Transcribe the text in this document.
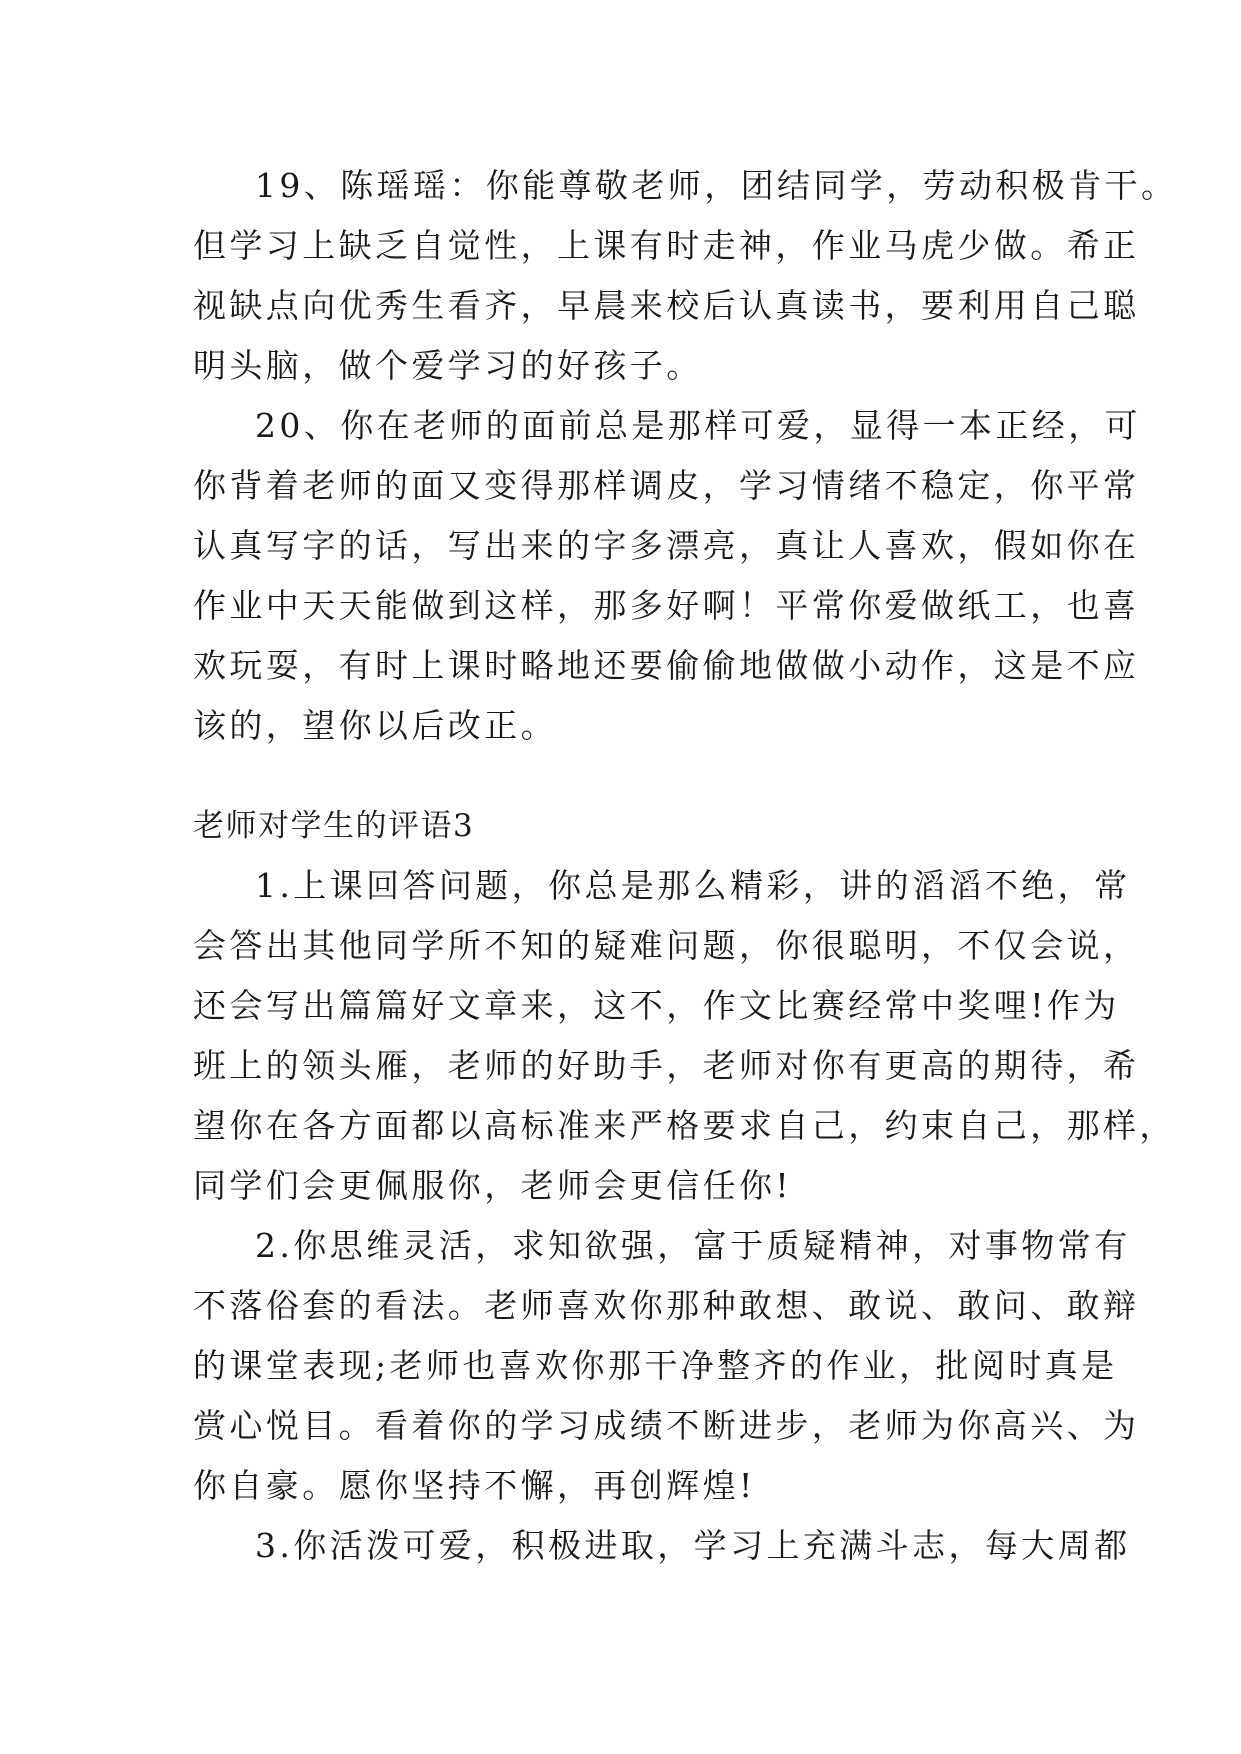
19、陈瑶瑶：你能尊敬老师，团结同学，劳动积极肯干。
但学习上缺乏自觉性，上课有时走神，作业马虎少做。希正
视缺点向优秀生看齐，早晨来校后认真读书，要利用自己聪
明头脑，做个爱学习的好孩子。
20、你在老师的面前总是那样可爱，显得一本正经，可
你背着老师的面又变得那样调皮，学习情绪不稳定，你平常
认真写字的话，写出来的字多漂亮，真让人喜欢，假如你在
作业中天天能做到这样，那多好啊！平常你爱做纸工，也喜
欢玩耍，有时上课时略地还要偷偷地做做小动作，这是不应
该的，望你以后改正。
老师对学生的评语3
1.上课回答问题，你总是那么精彩，讲的滔滔不绝，常
会答出其他同学所不知的疑难问题，你很聪明，不仅会说，
还会写出篇篇好文章来，这不，作文比赛经常中奖哩!作为
班上的领头雁，老师的好助手，老师对你有更高的期待，希
望你在各方面都以高标准来严格要求自己，约束自己，那样，
同学们会更佩服你，老师会更信任你!
2.你思维灵活，求知欲强，富于质疑精神，对事物常有
不落俗套的看法。老师喜欢你那种敢想、敢说、敢问、敢辩
的课堂表现;老师也喜欢你那干净整齐的作业，批阅时真是
赏心悦目。看着你的学习成绩不断进步，老师为你高兴、为
你自豪。愿你坚持不懈，再创辉煌!
3.你活泼可爱，积极进取，学习上充满斗志，每大周都
